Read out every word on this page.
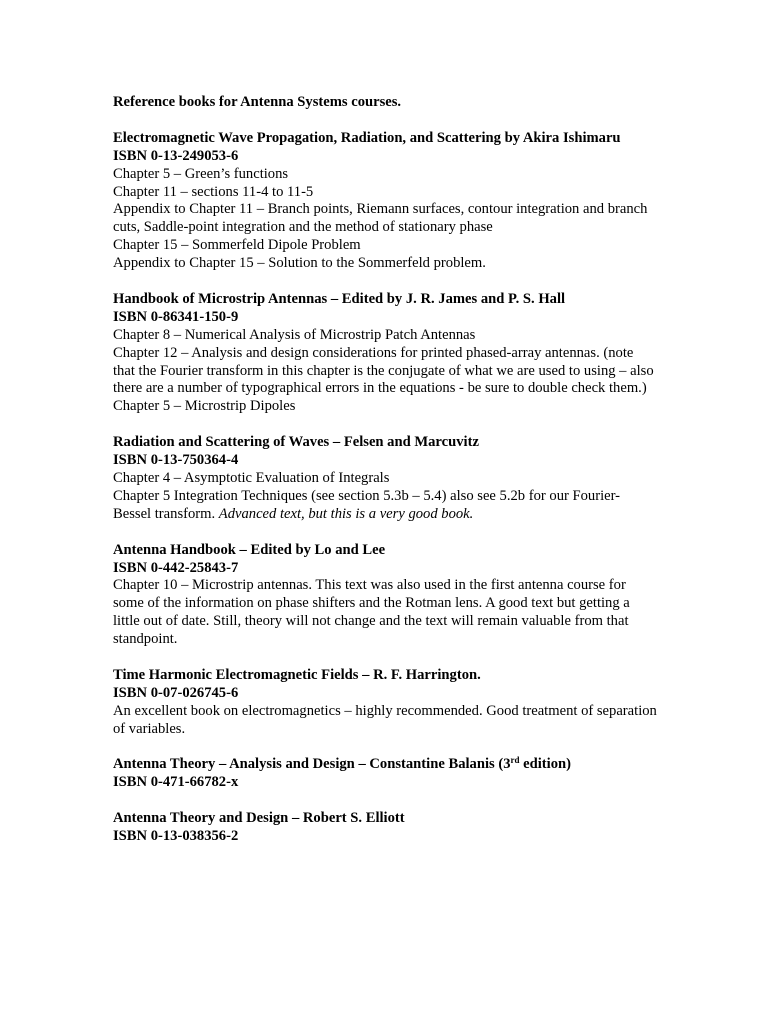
Reference books for Antenna Systems courses.

Electromagnetic Wave Propagation, Radiation, and Scattering by Akira Ishimaru

ISBN 0-13-249053-6

Chapter 5 – Green’s functions

Chapter 11 – sections 11-4 to 11-5

Appendix to Chapter 11 – Branch points, Riemann surfaces, contour integration and branch cuts, Saddle-point integration and the method of stationary phase

Chapter 15 – Sommerfeld Dipole Problem

Appendix to Chapter 15 – Solution to the Sommerfeld problem.

Handbook of Microstrip Antennas – Edited by J. R. James and P. S. Hall

ISBN 0-86341-150-9

Chapter 8 – Numerical Analysis of Microstrip Patch Antennas

Chapter 12 – Analysis and design considerations for printed phased-array antennas. (note that the Fourier transform in this chapter is the conjugate of what we are used to using – also there are a number of typographical errors in the equations - be sure to double check them.)

Chapter 5 – Microstrip Dipoles

Radiation and Scattering of Waves – Felsen and Marcuvitz

ISBN 0-13-750364-4

Chapter 4 – Asymptotic Evaluation of Integrals

Chapter 5 Integration Techniques (see section 5.3b – 5.4) also see 5.2b for our Fourier-Bessel transform. Advanced text, but this is a very good book.

Antenna Handbook – Edited by Lo and Lee

ISBN 0-442-25843-7

Chapter 10 – Microstrip antennas. This text was also used in the first antenna course for some of the information on phase shifters and the Rotman lens. A good text but getting a little out of date. Still, theory will not change and the text will remain valuable from that standpoint.

Time Harmonic Electromagnetic Fields – R. F. Harrington.

ISBN 0-07-026745-6

An excellent book on electromagnetics – highly recommended. Good treatment of separation of variables.

Antenna Theory – Analysis and Design – Constantine Balanis (3rd edition)

ISBN 0-471-66782-x

Antenna Theory and Design – Robert S. Elliott

ISBN 0-13-038356-2
